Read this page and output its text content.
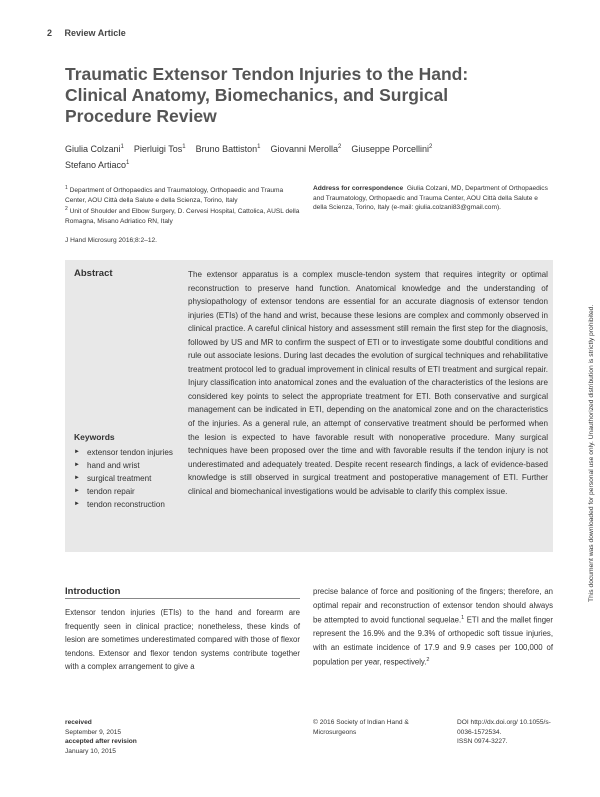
2 Review Article
Traumatic Extensor Tendon Injuries to the Hand: Clinical Anatomy, Biomechanics, and Surgical Procedure Review
Giulia Colzani$^1$ Pierluigi Tos$^1$ Bruno Battiston$^1$ Giovanni Merolla$^2$ Giuseppe Porcellini$^2$
Stefano Artiaco$^1$
$^1$ Department of Orthopaedics and Traumatology, Orthopaedic and Trauma Center, AOU Città della Salute e della Scienza, Torino, Italy
$^2$ Unit of Shoulder and Elbow Surgery, D. Cervesi Hospital, Cattolica, AUSL della Romagna, Misano Adriatico RN, Italy
Address for correspondence Giulia Colzani, MD, Department of Orthopaedics and Traumatology, Orthopaedic and Trauma Center, AOU Città della Salute e della Scienza, Torino, Italy (e-mail: giulia.colzani83@gmail.com).
J Hand Microsurg 2016;8:2–12.
Abstract	The extensor apparatus is a complex muscle-tendon system that requires integrity or optimal reconstruction to preserve hand function. Anatomical knowledge and the understanding of physiopathology of extensor tendons are essential for an accurate diagnosis of extensor tendon injuries (ETIs) of the hand and wrist, because these lesions are complex and commonly observed in clinical practice. A careful clinical history and assessment still remain the first step for the diagnosis, followed by US and MR to confirm the suspect of ETI or to investigate some doubtful conditions and rule out associate lesions. During last decades the evolution of surgical techniques and rehabilitative treatment protocol led to gradual improvement in clinical results of ETI treatment and surgical repair. Injury classification into anatomical zones and the evaluation of the characteristics of the lesions are considered key points to select the appropriate treatment for ETI. Both conservative and surgical management can be indicated in ETI, depending on the anatomical zone and on the characteristics of the injuries. As a general rule, an attempt of conservative treatment should be performed when the lesion is expected to have favorable result with nonoperative procedure. Many surgical techniques have been proposed over the time and with favorable results if the tendon injury is not underestimated and adequately treated. Despite recent research findings, a lack of evidence-based knowledge is still observed in surgical treatment and postoperative management of ETI. Further clinical and biomechanical investigations would be advisable to clarify this complex issue.
Keywords
► extensor tendon injuries
► hand and wrist
► surgical treatment
► tendon repair
► tendon reconstruction
Introduction
Extensor tendon injuries (ETIs) to the hand and forearm are frequently seen in clinical practice; nonetheless, these kinds of lesion are sometimes underestimated compared with those of flexor tendons. Extensor and flexor tendon systems contribute together with a complex arrangement to give a
precise balance of force and positioning of the fingers; therefore, an optimal repair and reconstruction of extensor tendon should always be attempted to avoid functional sequelae.$^1$ ETI and the mallet finger represent the 16.9% and the 9.3% of orthopedic soft tissue injuries, with an estimate incidence of 17.9 and 9.9 cases per 100,000 of population per year, respectively.$^2$
received
September 9, 2015
accepted after revision
January 10, 2015
© 2016 Society of Indian Hand & Microsurgeons
DOI http://dx.doi.org/ 10.1055/s-0036-1572534.
ISSN 0974-3227.
This document was downloaded for personal use only. Unauthorized distribution is strictly prohibited.
